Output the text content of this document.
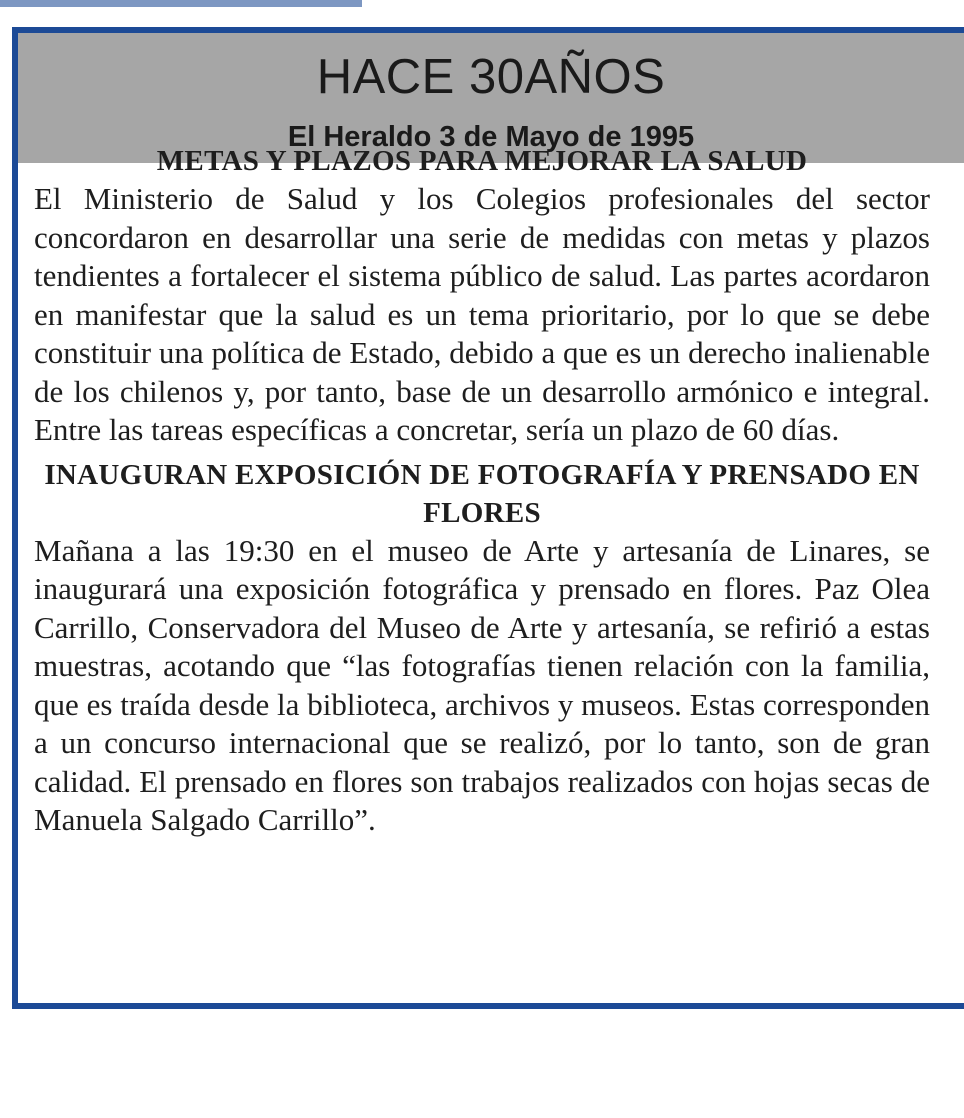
HACE 30AÑOS
El Heraldo 3 de Mayo de 1995
METAS Y PLAZOS PARA MEJORAR LA SALUD

El Ministerio de Salud y los Colegios profesionales del sector concordaron en desarrollar una serie de medidas con metas y plazos tendientes a fortalecer el sistema público de salud. Las partes acordaron en manifestar que la salud es un tema prioritario, por lo que se debe constituir una política de Estado, debido a que es un derecho inalienable de los chilenos y, por tanto, base de un desarrollo armónico e integral. Entre las tareas específicas a concretar, sería un plazo de 60 días.

INAUGURAN EXPOSICIÓN DE FOTOGRAFÍA Y PRENSADO EN FLORES

Mañana a las 19:30 en el museo de Arte y artesanía de Linares, se inaugurará una exposición fotográfica y prensado en flores. Paz Olea Carrillo, Conservadora del Museo de Arte y artesanía, se refirió a estas muestras, acotando que “las fotografías tienen relación con la familia, que es traída desde la biblioteca, archivos y museos. Estas corresponden a un concurso internacional que se realizó, por lo tanto, son de gran calidad. El prensado en flores son trabajos realizados con hojas secas de Manuela Salgado Carrillo”.
